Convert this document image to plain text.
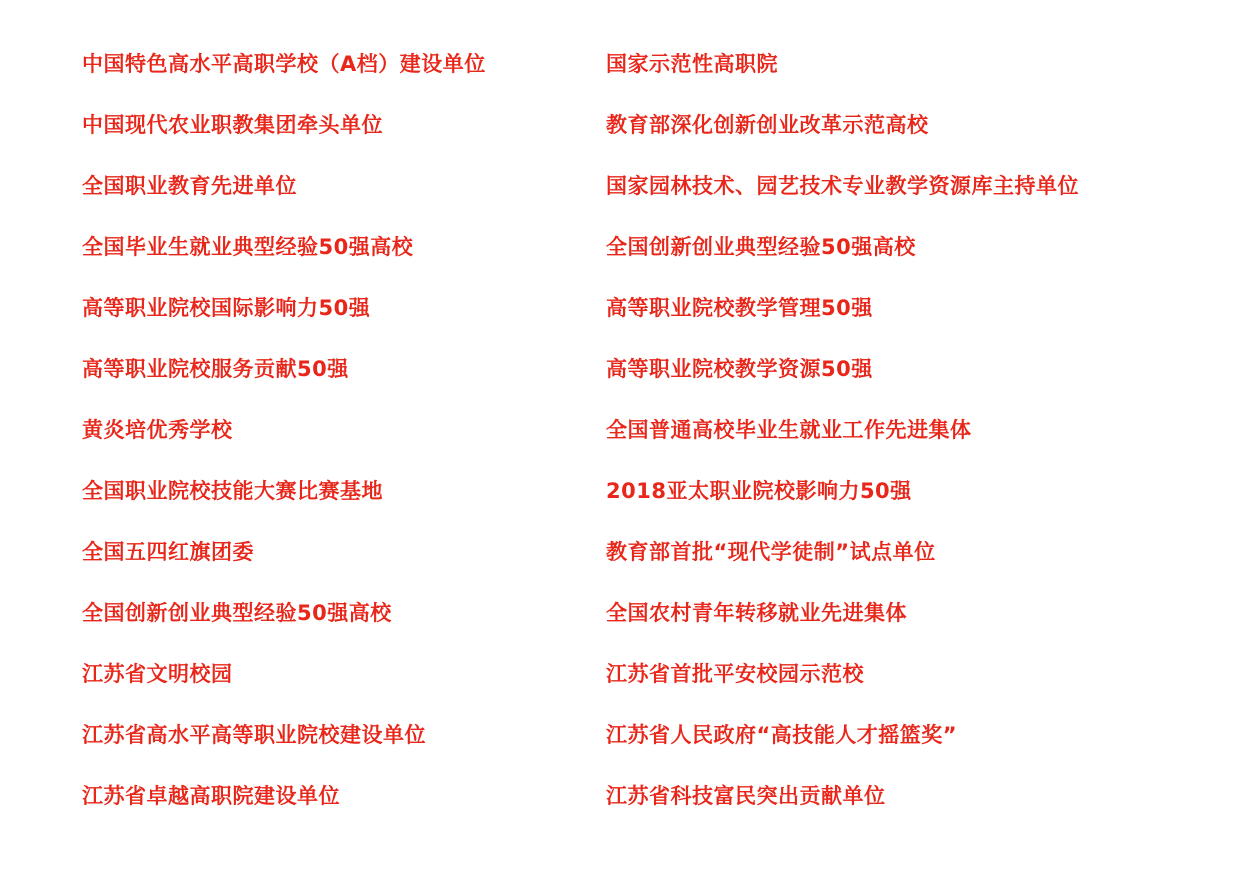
中国特色高水平高职学校（A档）建设单位	国家示范性高职院
中国现代农业职教集团牵头单位	教育部深化创新创业改革示范高校
全国职业教育先进单位	国家园林技术、园艺技术专业教学资源库主持单位
全国毕业生就业典型经验50强高校	全国创新创业典型经验50强高校
高等职业院校国际影响力50强	高等职业院校教学管理50强
高等职业院校服务贡献50强	高等职业院校教学资源50强
黄炎培优秀学校	全国普通高校毕业生就业工作先进集体
全国职业院校技能大赛比赛基地	2018亚太职业院校影响力50强
全国五四红旗团委	教育部首批“现代学徒制”试点单位
全国创新创业典型经验50强高校	全国农村青年转移就业先进集体
江苏省文明校园	江苏省首批平安校园示范校
江苏省高水平高等职业院校建设单位	江苏省人民政府“高技能人才摇篮奖”
江苏省卓越高职院建设单位	江苏省科技富民突出贡献单位
